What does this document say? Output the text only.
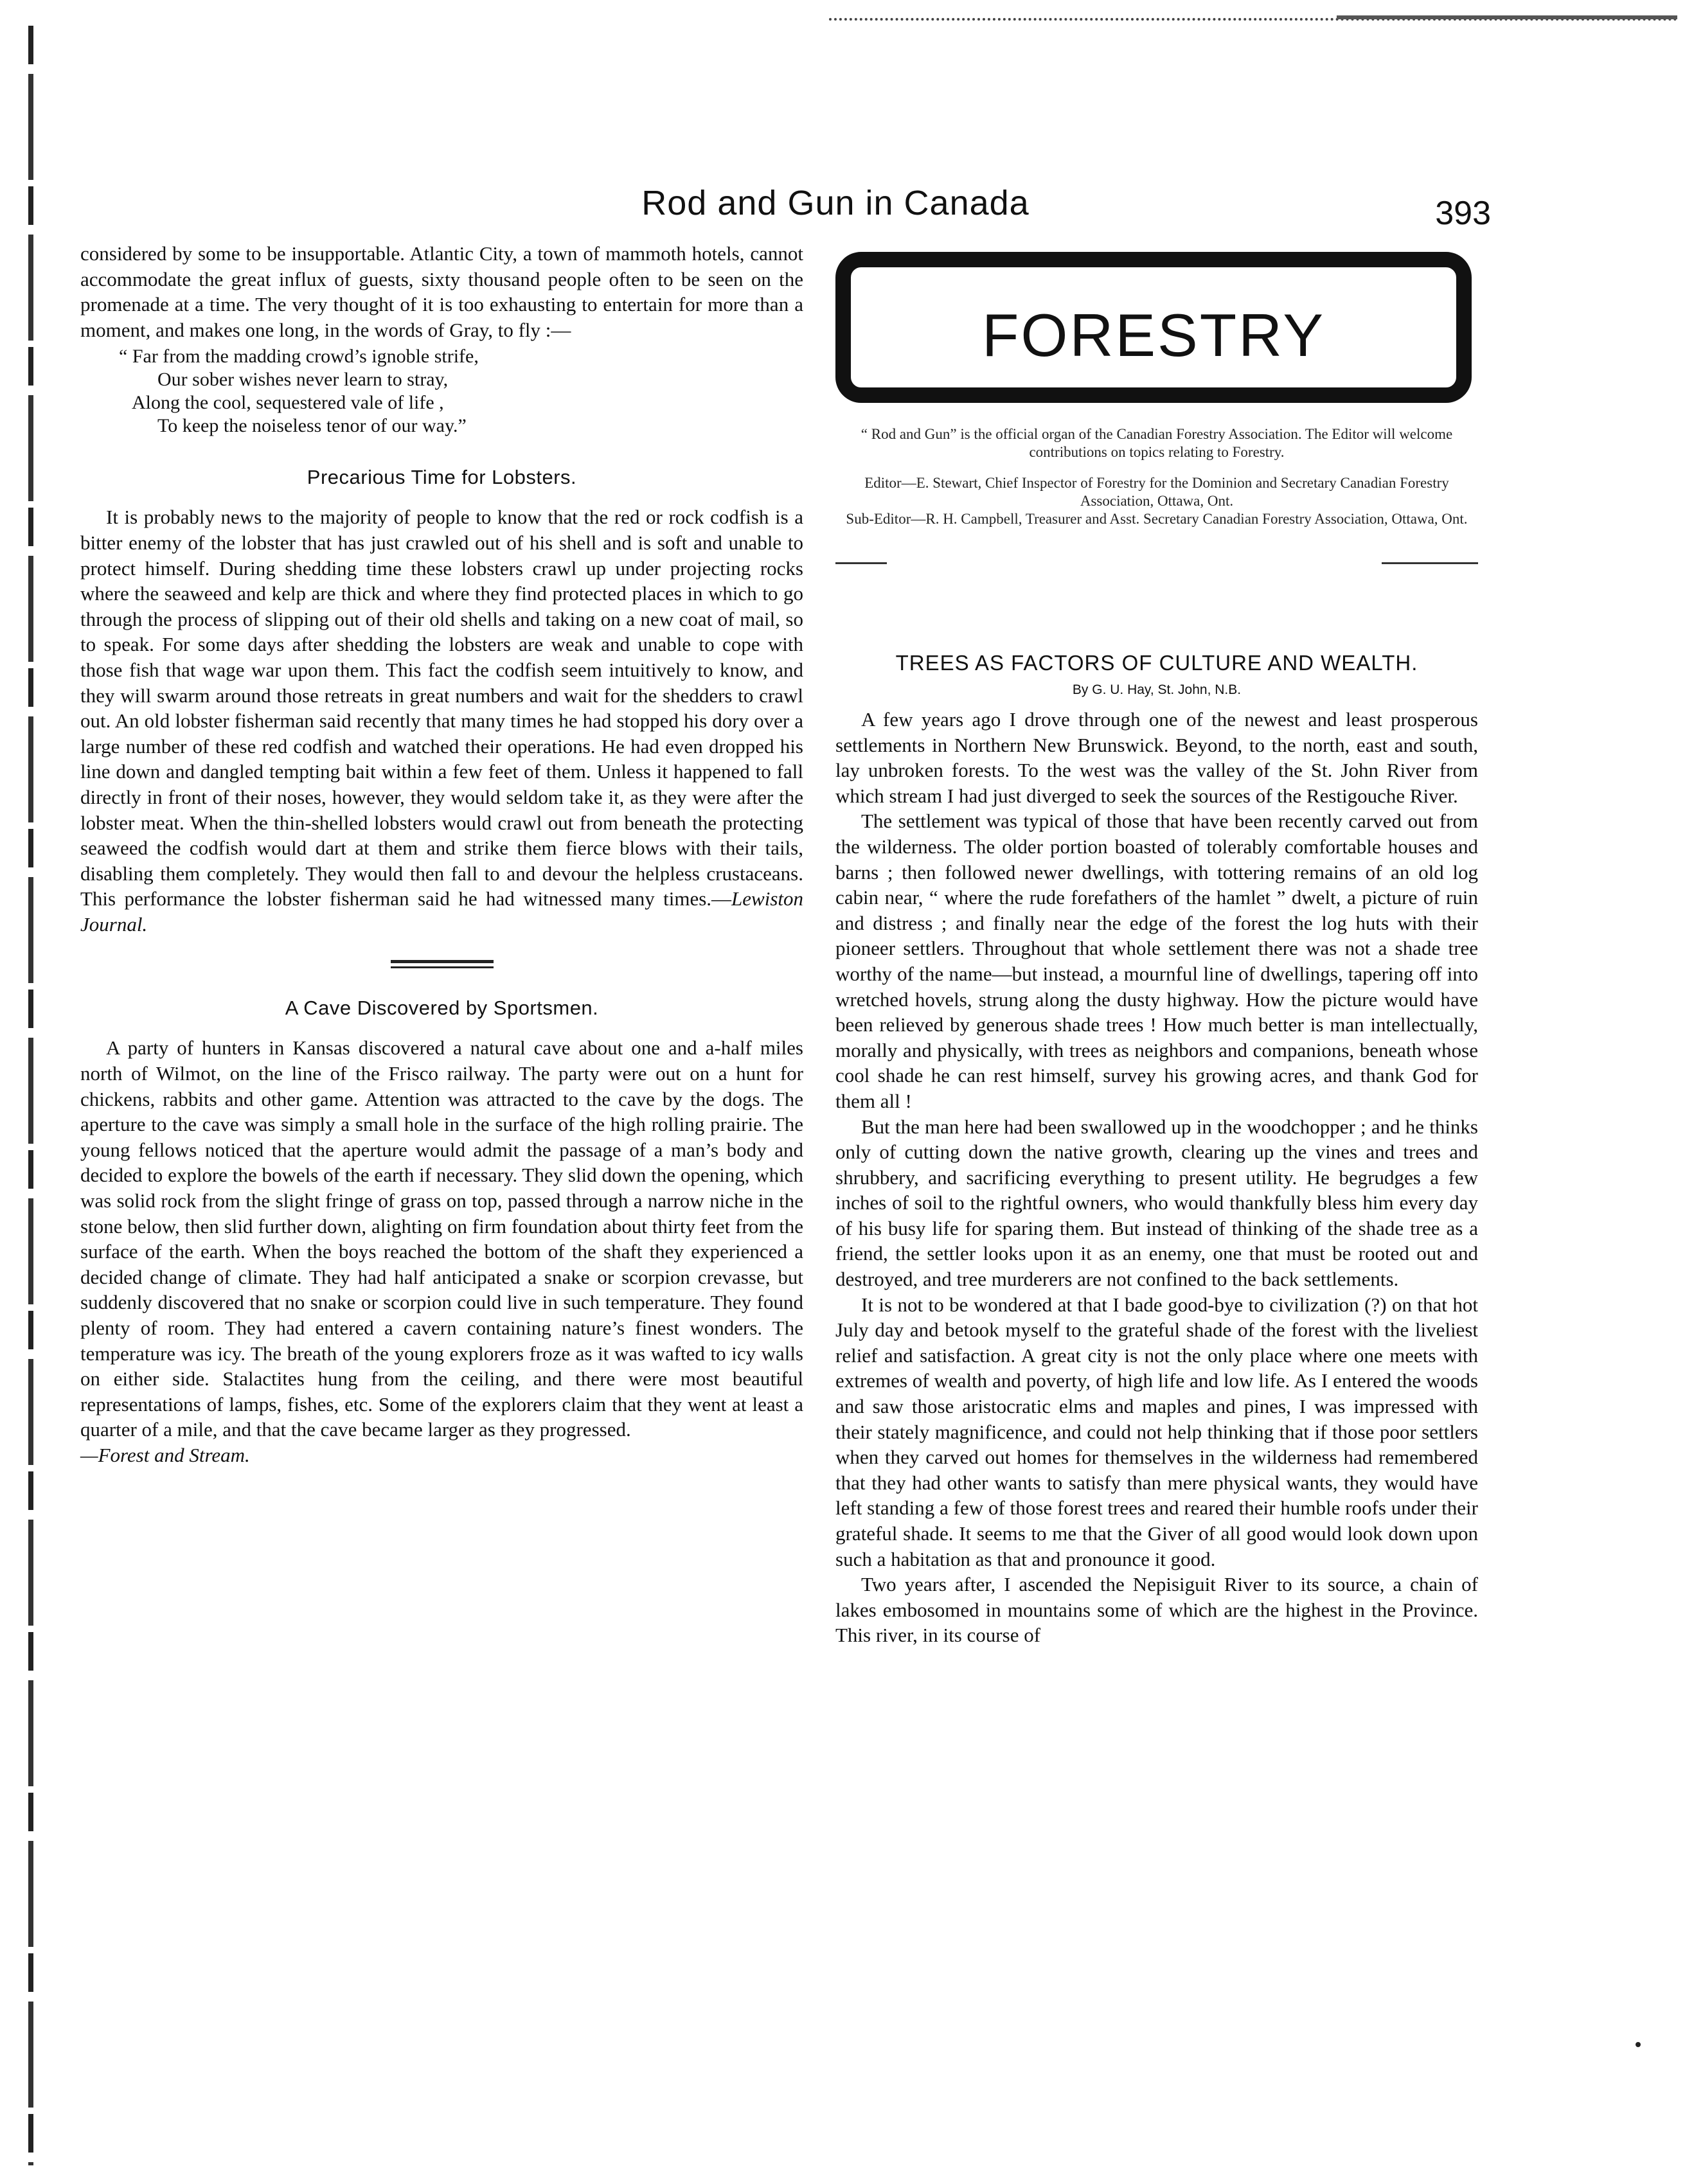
Rod and Gun in Canada	393

considered by some to be insupportable. Atlantic City, a town of mammoth hotels, cannot accommodate the great influx of guests, sixty thousand people often to be seen on the promenade at a time. The very thought of it is too exhausting to entertain for more than a moment, and makes one long, in the words of Gray, to fly :—

“ Far from the madding crowd’s ignoble strife,
Our sober wishes never learn to stray,
Along the cool, sequestered vale of life ,
To keep the noiseless tenor of our way.”
Precarious Time for Lobsters.

It is probably news to the majority of people to know that the red or rock codfish is a bitter enemy of the lobster that has just crawled out of his shell and is soft and unable to protect himself. During shedding time these lobsters crawl up under projecting rocks where the seaweed and kelp are thick and where they find protected places in which to go through the process of slipping out of their old shells and taking on a new coat of mail, so to speak. For some days after shedding the lobsters are weak and unable to cope with those fish that wage war upon them. This fact the codfish seem intuitively to know, and they will swarm around those retreats in great numbers and wait for the shedders to crawl out. An old lobster fisherman said recently that many times he had stopped his dory over a large number of these red codfish and watched their operations. He had even dropped his line down and dangled tempting bait within a few feet of them. Unless it happened to fall directly in front of their noses, however, they would seldom take it, as they were after the lobster meat. When the thin-shelled lobsters would crawl out from beneath the protecting seaweed the codfish would dart at them and strike them fierce blows with their tails, disabling them completely. They would then fall to and devour the helpless crustaceans. This performance the lobster fisherman said he had witnessed many times.—Lewiston Journal.

A Cave Discovered by Sportsmen.

A party of hunters in Kansas discovered a natural cave about one and a-half miles north of Wilmot, on the line of the Frisco railway. The party were out on a hunt for chickens, rabbits and other game. Attention was attracted to the cave by the dogs. The aperture to the cave was simply a small hole in the surface of the high rolling prairie. The young fellows noticed that the aperture would admit the passage of a man’s body and decided to explore the bowels of the earth if necessary. They slid down the opening, which was solid rock from the slight fringe of grass on top, passed through a narrow niche in the stone below, then slid further down, alighting on firm foundation about thirty feet from the surface of the earth. When the boys reached the bottom of the shaft they experienced a decided change of climate. They had half anticipated a snake or scorpion crevasse, but suddenly discovered that no snake or scorpion could live in such temperature. They found plenty of room. They had entered a cavern containing nature’s finest wonders. The temperature was icy. The breath of the young explorers froze as it was wafted to icy walls on either side. Stalactites hung from the ceiling, and there were most beautiful representations of lamps, fishes, etc. Some of the explorers claim that they went at least a quarter of a mile, and that the cave became larger as they progressed.

—Forest and Stream.

FORESTRY
“ Rod and Gun” is the official organ of the Canadian Forestry Association. The Editor will welcome contributions on topics relating to Forestry.
Editor—E. Stewart, Chief Inspector of Forestry for the Dominion and Secretary Canadian Forestry Association, Ottawa, Ont.
Sub-Editor—R. H. Campbell, Treasurer and Asst. Secretary Canadian Forestry Association, Ottawa, Ont.
TREES AS FACTORS OF CULTURE AND WEALTH.
By G. U. Hay, St. John, N.B.

A few years ago I drove through one of the newest and least prosperous settlements in Northern New Brunswick. Beyond, to the north, east and south, lay unbroken forests. To the west was the valley of the St. John River from which stream I had just diverged to seek the sources of the Restigouche River.

The settlement was typical of those that have been recently carved out from the wilderness. The older portion boasted of tolerably comfortable houses and barns ; then followed newer dwellings, with tottering remains of an old log cabin near, “ where the rude forefathers of the hamlet ” dwelt, a picture of ruin and distress ; and finally near the edge of the forest the log huts with their pioneer settlers. Throughout that whole settlement there was not a shade tree worthy of the name—but instead, a mournful line of dwellings, tapering off into wretched hovels, strung along the dusty highway. How the picture would have been relieved by generous shade trees ! How much better is man intellectually, morally and physically, with trees as neighbors and companions, beneath whose cool shade he can rest himself, survey his growing acres, and thank God for them all !

But the man here had been swallowed up in the woodchopper ; and he thinks only of cutting down the native growth, clearing up the vines and trees and shrubbery, and sacrificing everything to present utility. He begrudges a few inches of soil to the rightful owners, who would thankfully bless him every day of his busy life for sparing them. But instead of thinking of the shade tree as a friend, the settler looks upon it as an enemy, one that must be rooted out and destroyed, and tree murderers are not confined to the back settlements.

It is not to be wondered at that I bade good-bye to civilization (?) on that hot July day and betook myself to the grateful shade of the forest with the liveliest relief and satisfaction. A great city is not the only place where one meets with extremes of wealth and poverty, of high life and low life. As I entered the woods and saw those aristocratic elms and maples and pines, I was impressed with their stately magnificence, and could not help thinking that if those poor settlers when they carved out homes for themselves in the wilderness had remembered that they had other wants to satisfy than mere physical wants, they would have left standing a few of those forest trees and reared their humble roofs under their grateful shade. It seems to me that the Giver of all good would look down upon such a habitation as that and pronounce it good.

Two years after, I ascended the Nepisiguit River to its source, a chain of lakes embosomed in mountains some of which are the highest in the Province. This river, in its course of
